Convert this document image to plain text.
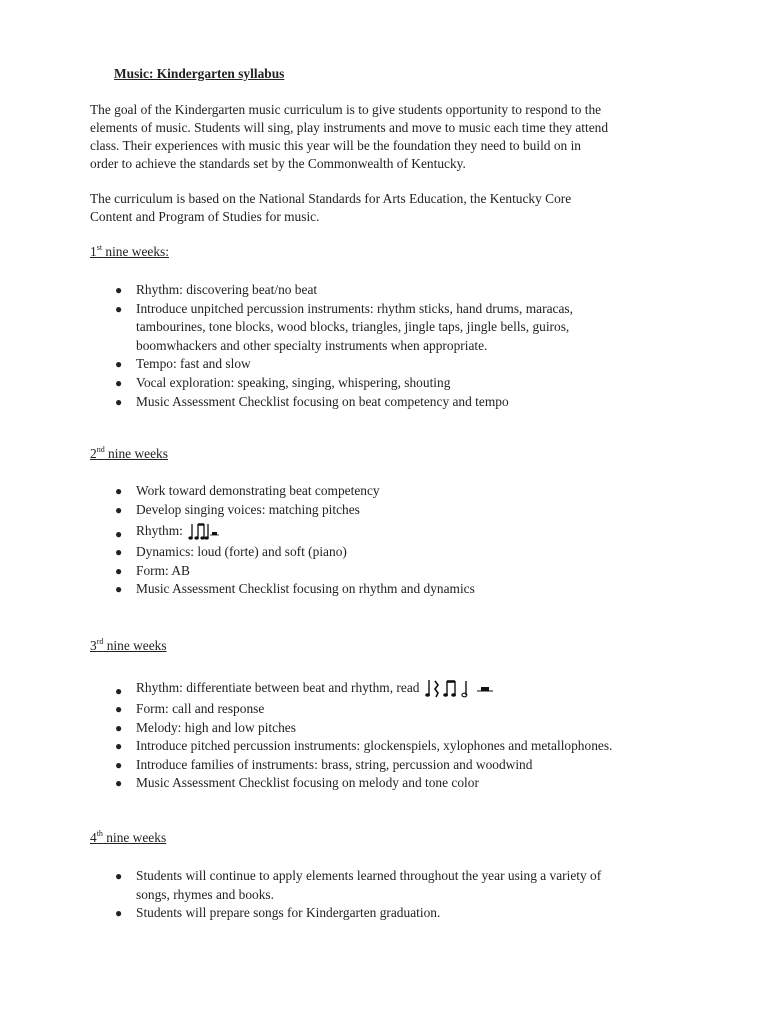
Music: Kindergarten syllabus
The goal of the Kindergarten music curriculum is to give students opportunity to respond to the
elements of music. Students will sing, play instruments and move to music each time they attend
class. Their experiences with music this year will be the foundation they need to build on in
order to achieve the standards set by the Commonwealth of Kentucky.
The curriculum is based on the National Standards for Arts Education, the Kentucky Core
Content and Program of Studies for music.
1st nine weeks:
● Rhythm: discovering beat/no beat
● Introduce unpitched percussion instruments: rhythm sticks, hand drums, maracas,
tambourines, tone blocks, wood blocks, triangles, jingle taps, jingle bells, guiros,
boomwhackers and other specialty instruments when appropriate.
● Tempo: fast and slow
● Vocal exploration: speaking, singing, whispering, shouting
● Music Assessment Checklist focusing on beat competency and tempo
2nd nine weeks
● Work toward demonstrating beat competency
● Develop singing voices: matching pitches
● Rhythm:
● Dynamics: loud (forte) and soft (piano)
● Form: AB
● Music Assessment Checklist focusing on rhythm and dynamics
3rd nine weeks
● Rhythm: differentiate between beat and rhythm, read
● Form: call and response
● Melody: high and low pitches
● Introduce pitched percussion instruments: glockenspiels, xylophones and metallophones.
● Introduce families of instruments: brass, string, percussion and woodwind
● Music Assessment Checklist focusing on melody and tone color
4th nine weeks
● Students will continue to apply elements learned throughout the year using a variety of
songs, rhymes and books.
● Students will prepare songs for Kindergarten graduation.
